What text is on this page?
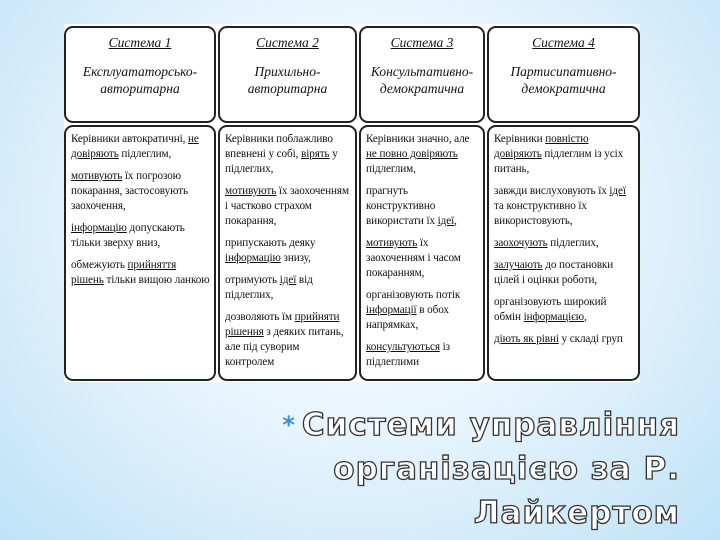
Система 1
Експлуататорсько-
авторитарна

Керівники автократичні, не довіряють підлеглим,

мотивують їх погрозою покарання, застосовують заохочення,

інформацію допускають тільки зверху вниз,

обмежують прийняття рішень тільки вищою ланкою

Система 2
Прихильно-
авторитарна

Керівники поблажливо впевнені у собі, вірять у підлеглих,

мотивують їх заохоченням і частково страхом покарання,

припускають деяку інформацію знизу,

отримують ідеї від підлеглих,

дозволяють їм прийняти рішення з деяких питань, але під суворим контролем

Система 3
Консультативно-
демократична

Керівники значно, але не повно довіряють підлеглим,

прагнуть конструктивно використати їх ідеї,

мотивують їх заохоченням і часом покаранням,

організовують потік інформації в обох напрямках,

консультуються із підлеглими

Система 4
Партисипативно-
демократична

Керівники повністю довіряють підлеглим із усіх питань,

завжди вислуховують їх ідеї та конструктивно їх використовують,

заохочують підлеглих,

залучають до постановки цілей і оцінки роботи,

організовують широкий обмін інформацією,

діють як рівні у складі груп

* Системи управління
організацією за Р. Лайкертом
